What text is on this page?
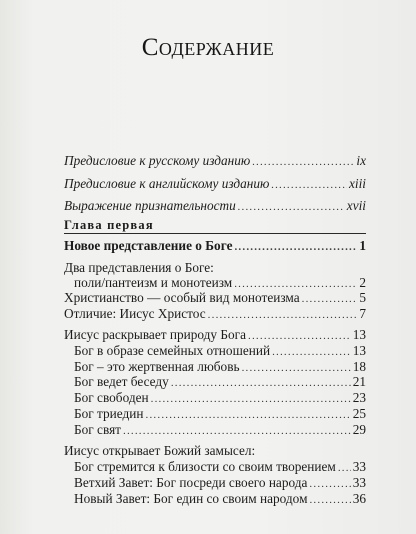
Содержание
Предисловие к русскому изданию .....	ix
Предисловие к английскому изданию .....	xiii
Выражение признательности .....	xvii
Глава первая
Новое представление о Боге .....	1
Два представления о Боге:
поли/пантеизм и монотеизм .....	2
Христианство — особый вид монотеизма .....	5
Отличие: Иисус Христос .....	7
Иисус раскрывает природу Бога .....	13
Бог в образе семейных отношений .....	13
Бог – это жертвенная любовь .....	18
Бог ведет беседу .....	21
Бог свободен .....	23
Бог триедин .....	25
Бог свят .....	29
Иисус открывает Божий замысел:
Бог стремится к близости со своим творением ..... 33
Ветхий Завет: Бог посреди своего народа .....	33
Новый Завет: Бог един со своим народом .....	36
